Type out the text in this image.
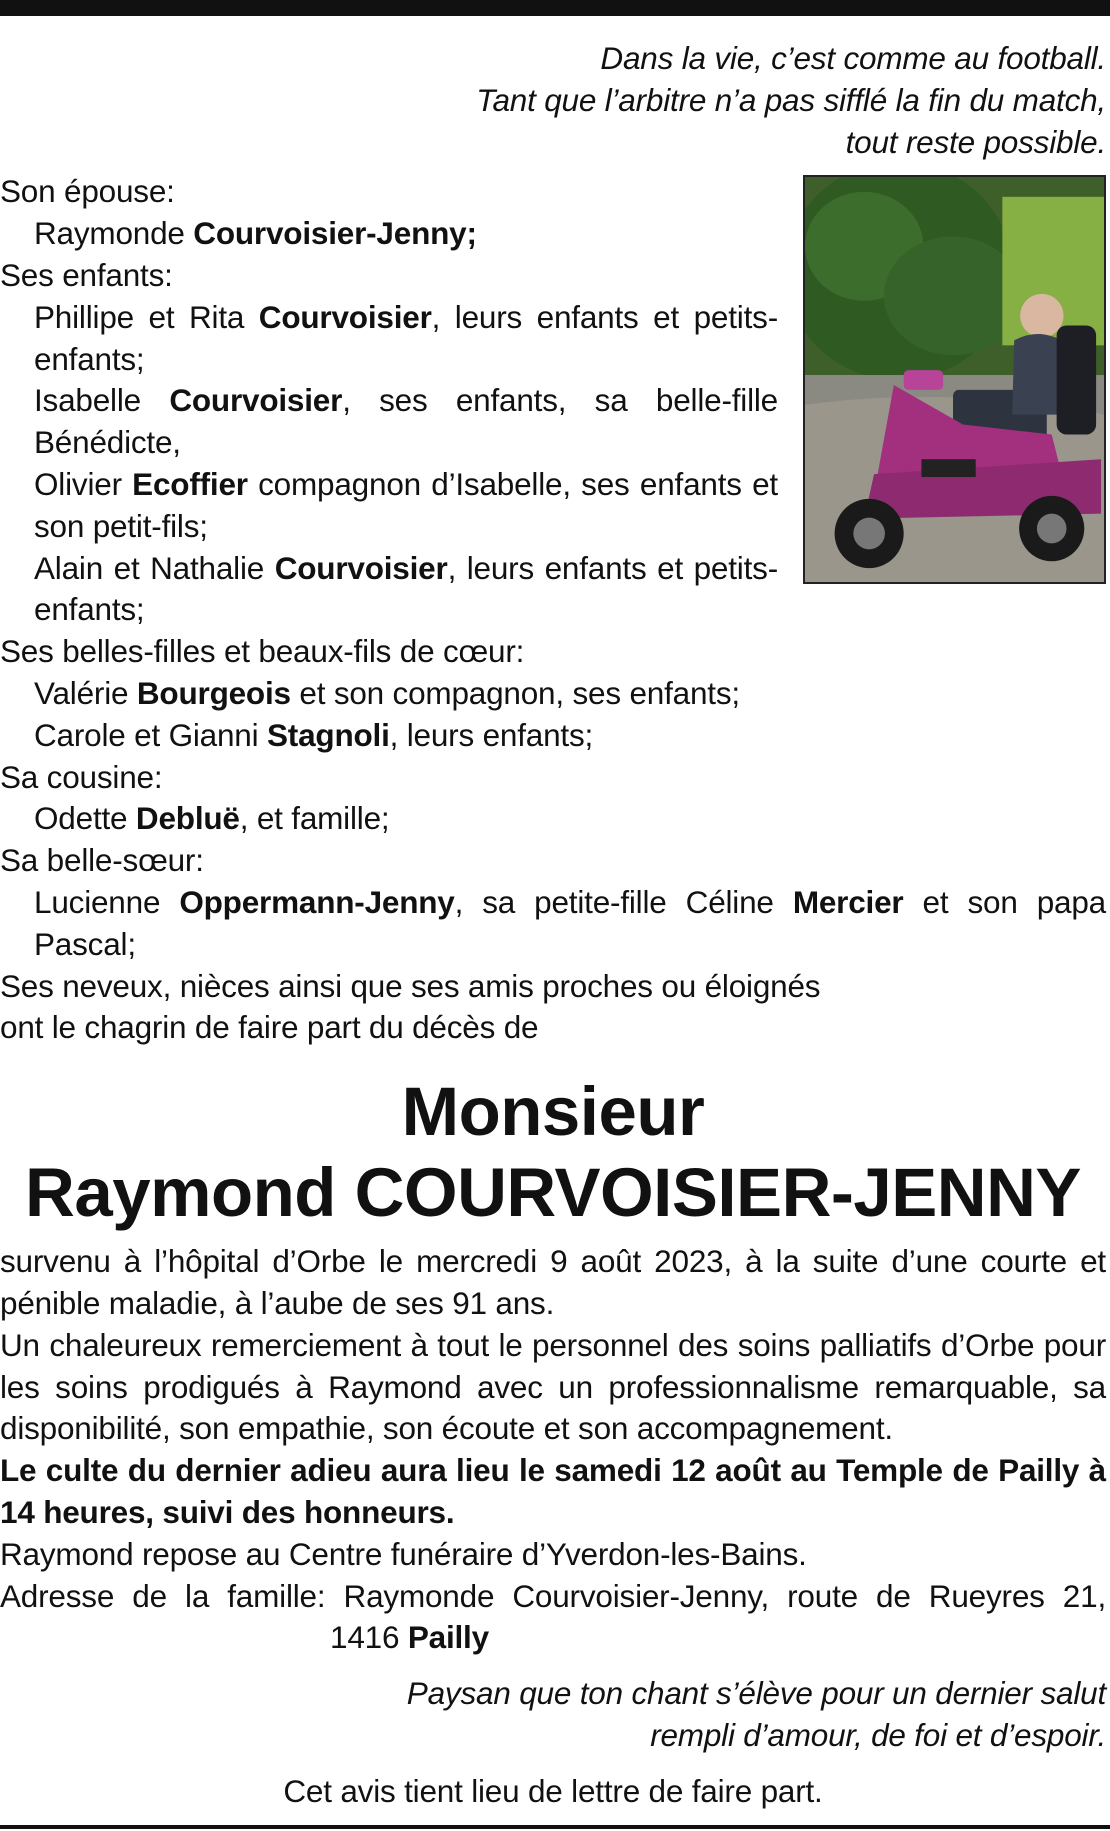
Dans la vie, c’est comme au football.
Tant que l’arbitre n’a pas sifflé la fin du match,
tout reste possible.
Son épouse:
Raymonde Courvoisier-Jenny;
Ses enfants:
Phillipe et Rita Courvoisier, leurs enfants et petits-enfants;
Isabelle Courvoisier, ses enfants, sa belle-fille Bénédicte,
Olivier Ecoffier compagnon d’Isabelle, ses enfants et son petit-fils;
Alain et Nathalie Courvoisier, leurs enfants et petits-enfants;
Ses belles-filles et beaux-fils de cœur:
Valérie Bourgeois et son compagnon, ses enfants;
Carole et Gianni Stagnoli, leurs enfants;
Sa cousine:
Odette Debluë, et famille;
Sa belle-sœur:
Lucienne Oppermann-Jenny, sa petite-fille Céline Mercier et son papa Pascal;
Ses neveux, nièces ainsi que ses amis proches ou éloignés
ont le chagrin de faire part du décès de
Monsieur
Raymond COURVOISIER-JENNY

survenu à l’hôpital d’Orbe le mercredi 9 août 2023, à la suite d’une courte et pénible maladie, à l’aube de ses 91 ans.

Un chaleureux remerciement à tout le personnel des soins palliatifs d’Orbe pour les soins prodigués à Raymond avec un professionnalisme remarquable, sa disponibilité, son empathie, son écoute et son accompagnement.

Le culte du dernier adieu aura lieu le samedi 12 août au Temple de Pailly à 14 heures, suivi des honneurs.

Raymond repose au Centre funéraire d’Yverdon-les-Bains.

Adresse de la famille: Raymonde Courvoisier-Jenny, route de Rueyres 21,

1416 Pailly
Paysan que ton chant s’élève pour un dernier salut
rempli d’amour, de foi et d’espoir.
Cet avis tient lieu de lettre de faire part.
